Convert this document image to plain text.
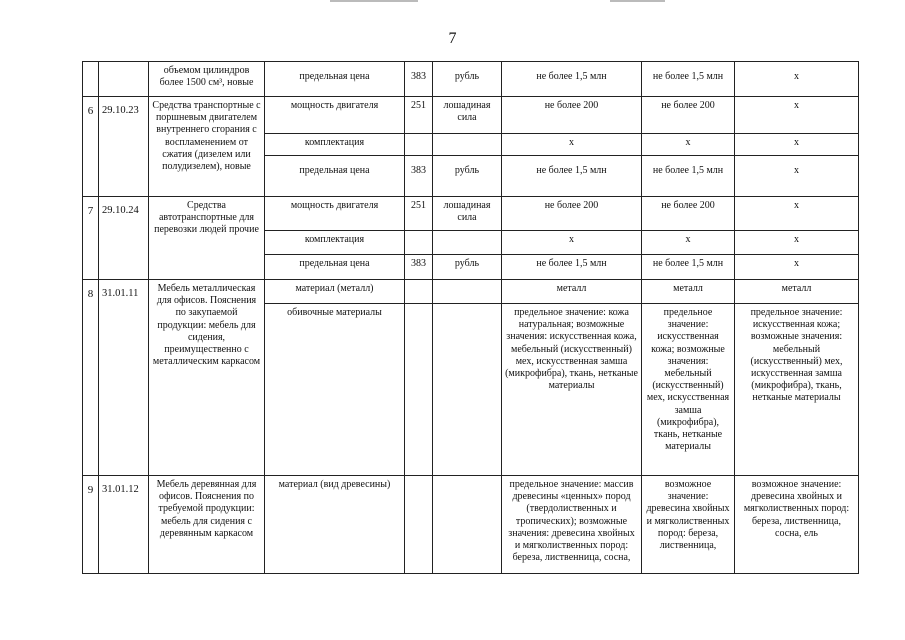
7
		объемом цилиндров более 1500 см³, новые	предельная цена	383	рубль	не более 1,5 млн	не более 1,5 млн	x
6	29.10.23	Средства транспортные с поршневым двигателем внутреннего сгорания с воспламенением от сжатия (дизелем или полудизелем), новые	мощность двигателя	251	лошадиная сила	не более 200	не более 200	x
			комплектация			x	x	x
			предельная цена	383	рубль	не более 1,5 млн	не более 1,5 млн	x
7	29.10.24	Средства автотранспортные для перевозки людей прочие	мощность двигателя	251	лошадиная сила	не более 200	не более 200	x
			комплектация			x	x	x
			предельная цена	383	рубль	не более 1,5 млн	не более 1,5 млн	x
8	31.01.11	Мебель металлическая для офисов. Пояснения по закупаемой продукции: мебель для сидения, преимущественно с металлическим каркасом	материал (металл)			металл	металл	металл
			обивочные материалы			предельное значение: кожа натуральная; возможные значения: искусственная кожа, мебельный (искусственный) мех, искусственная замша (микрофибра), ткань, нетканые материалы	предельное значение: искусственная кожа; возможные значения: мебельный (искусственный) мех, искусственная замша (микрофибра), ткань, нетканые материалы	предельное значение: искусственная кожа; возможные значения: мебельный (искусственный) мех, искусственная замша (микрофибра), ткань, нетканые материалы
9	31.01.12	Мебель деревянная для офисов. Пояснения по требуемой продукции: мебель для сидения с деревянным каркасом	материал (вид древесины)			предельное значение: массив древесины «ценных» пород (твердолиственных и тропических); возможные значения: древесина хвойных и мягколиственных пород: береза, лиственница, сосна,	возможное значение: древесина хвойных и мягколиственных пород: береза, лиственница,	возможное значение: древесина хвойных и мягколиственных пород: береза, лиственница, сосна, ель
